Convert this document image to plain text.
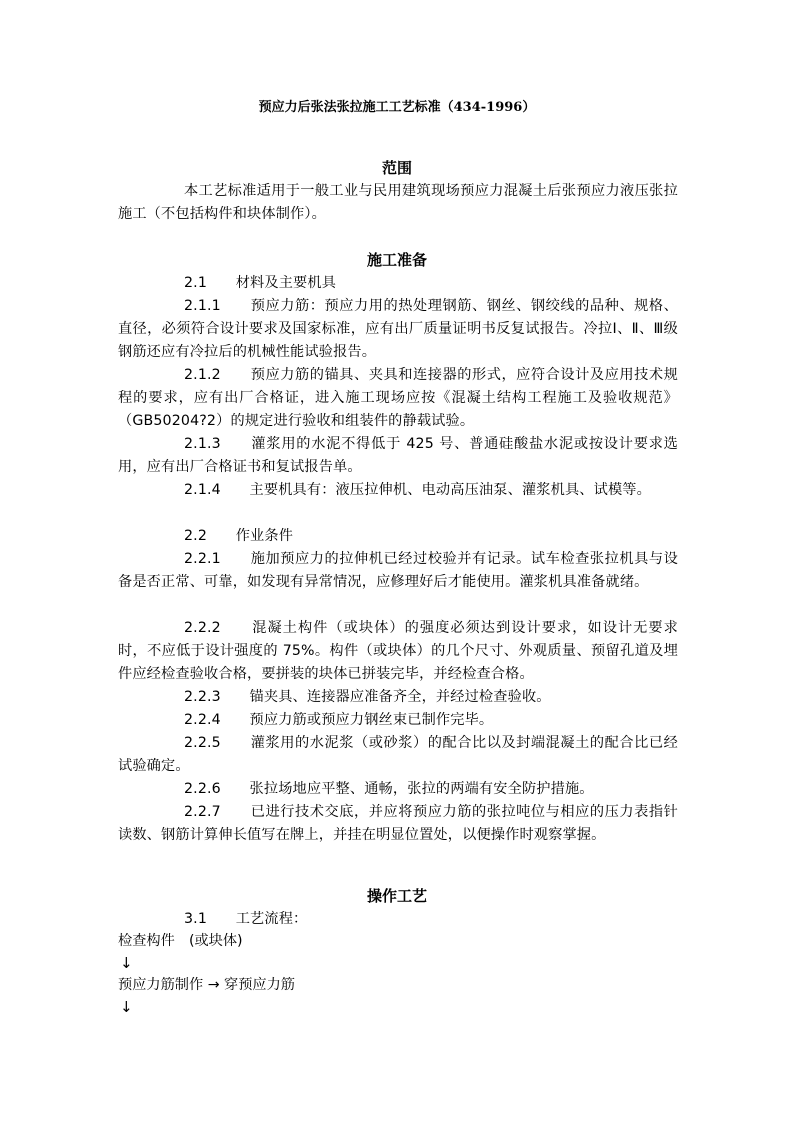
预应力后张法张拉施工工艺标准（434-1996）
范围
本工艺标准适用于一般工业与民用建筑现场预应力混凝土后张预应力液压张拉施工（不包括构件和块体制作）。
施工准备
2.1　　材料及主要机具
2.1.1　　预应力筋：预应力用的热处理钢筋、钢丝、钢绞线的品种、规格、直径，必须符合设计要求及国家标准，应有出厂质量证明书反复试报告。冷拉Ⅰ、Ⅱ、Ⅲ级钢筋还应有冷拉后的机械性能试验报告。
2.1.2　　预应力筋的锚具、夹具和连接器的形式，应符合设计及应用技术规程的要求，应有出厂合格证，进入施工现场应按《混凝土结构工程施工及验收规范》（GB50204?2）的规定进行验收和组装件的静载试验。
2.1.3　　灌浆用的水泥不得低于 425 号、普通硅酸盐水泥或按设计要求选用，应有出厂合格证书和复试报告单。
2.1.4　　主要机具有：液压拉伸机、电动高压油泵、灌浆机具、试模等。
2.2　　作业条件
2.2.1　　施加预应力的拉伸机已经过校验并有记录。试车检查张拉机具与设备是否正常、可靠，如发现有异常情况，应修理好后才能使用。灌浆机具准备就绪。
2.2.2　　混凝土构件（或块体）的强度必须达到设计要求，如设计无要求时，不应低于设计强度的 75%。构件（或块体）的几个尺寸、外观质量、预留孔道及埋件应经检查验收合格，要拼装的块体已拼装完毕，并经检查合格。
2.2.3　　锚夹具、连接器应准备齐全，并经过检查验收。
2.2.4　　预应力筋或预应力钢丝束已制作完毕。
2.2.5　　灌浆用的水泥浆（或砂浆）的配合比以及封端混凝土的配合比已经试验确定。
2.2.6　　张拉场地应平整、通畅，张拉的两端有安全防护措施。
2.2.7　　已进行技术交底，并应将预应力筋的张拉吨位与相应的压力表指针读数、钢筋计算伸长值写在牌上，并挂在明显位置处，以便操作时观察掌握。
操作工艺
3.1　　工艺流程：
检查构件　(或块体)
↓
预应力筋制作 → 穿预应力筋
↓
